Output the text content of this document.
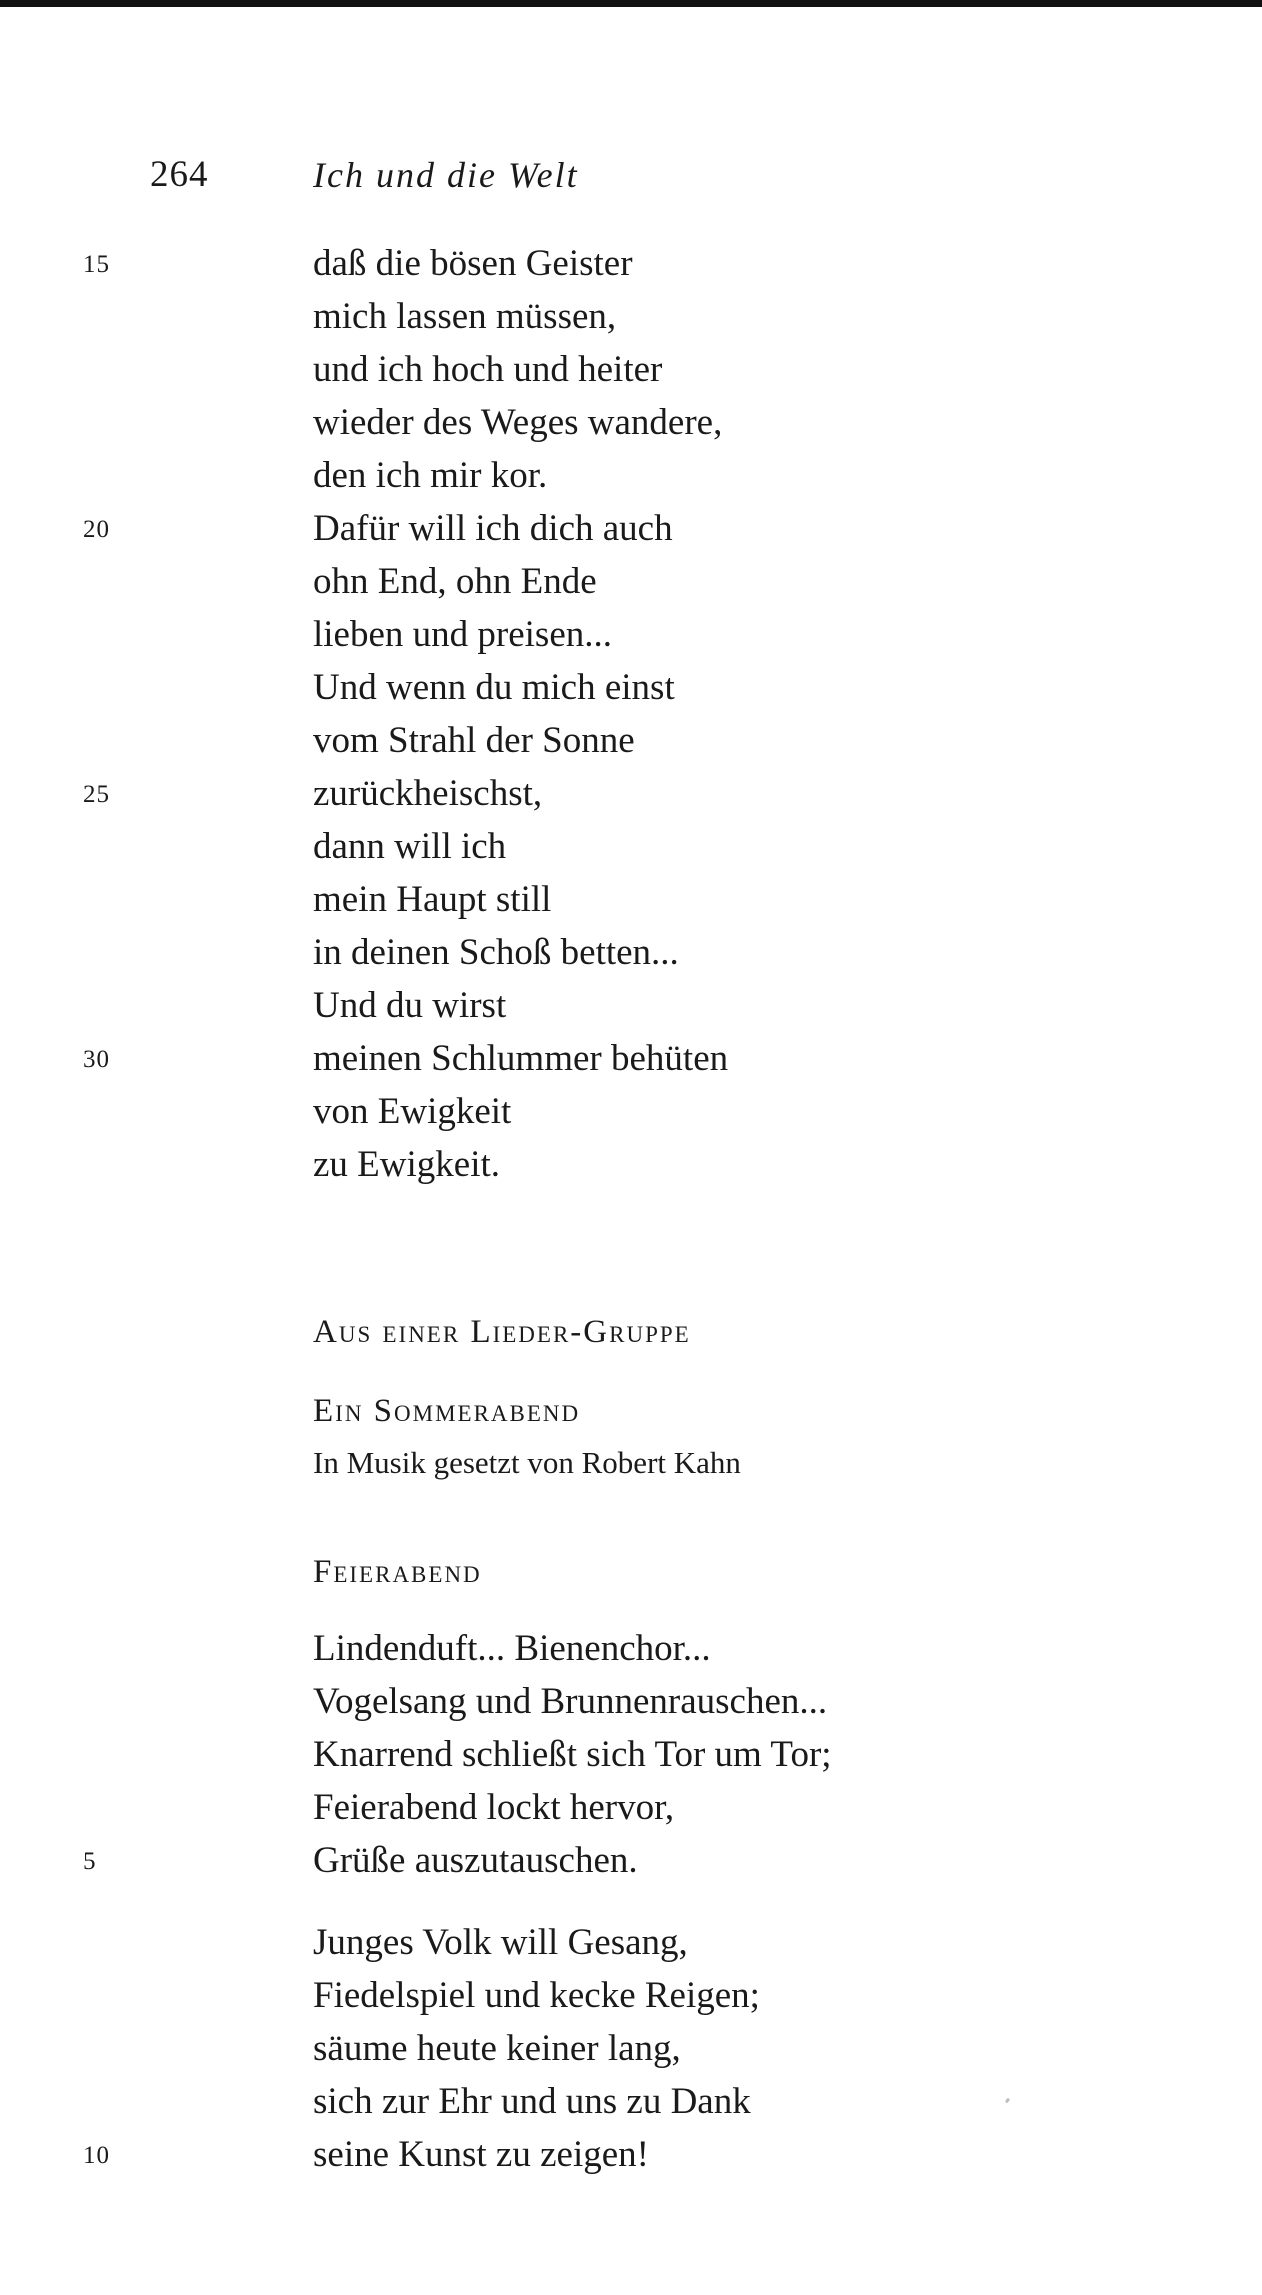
264	Ich und die Welt
15	daß die bösen Geister
mich lassen müssen,
und ich hoch und heiter
wieder des Weges wandere,
den ich mir kor.
20	Dafür will ich dich auch
ohn End, ohn Ende
lieben und preisen...
Und wenn du mich einst
vom Strahl der Sonne
25	zurückheischst,
dann will ich
mein Haupt still
in deinen Schoß betten...
Und du wirst
30	meinen Schlummer behüten
von Ewigkeit
zu Ewigkeit.
Aus einer Lieder-Gruppe
Ein Sommerabend
In Musik gesetzt von Robert Kahn
Feierabend
Lindenduft... Bienenchor...
Vogelsang und Brunnenrauschen...
Knarrend schließt sich Tor um Tor;
Feierabend lockt hervor,
5	Grüße auszutauschen.
Junges Volk will Gesang,
Fiedelspiel und kecke Reigen;
säume heute keiner lang,
sich zur Ehr und uns zu Dank
10	seine Kunst zu zeigen!
